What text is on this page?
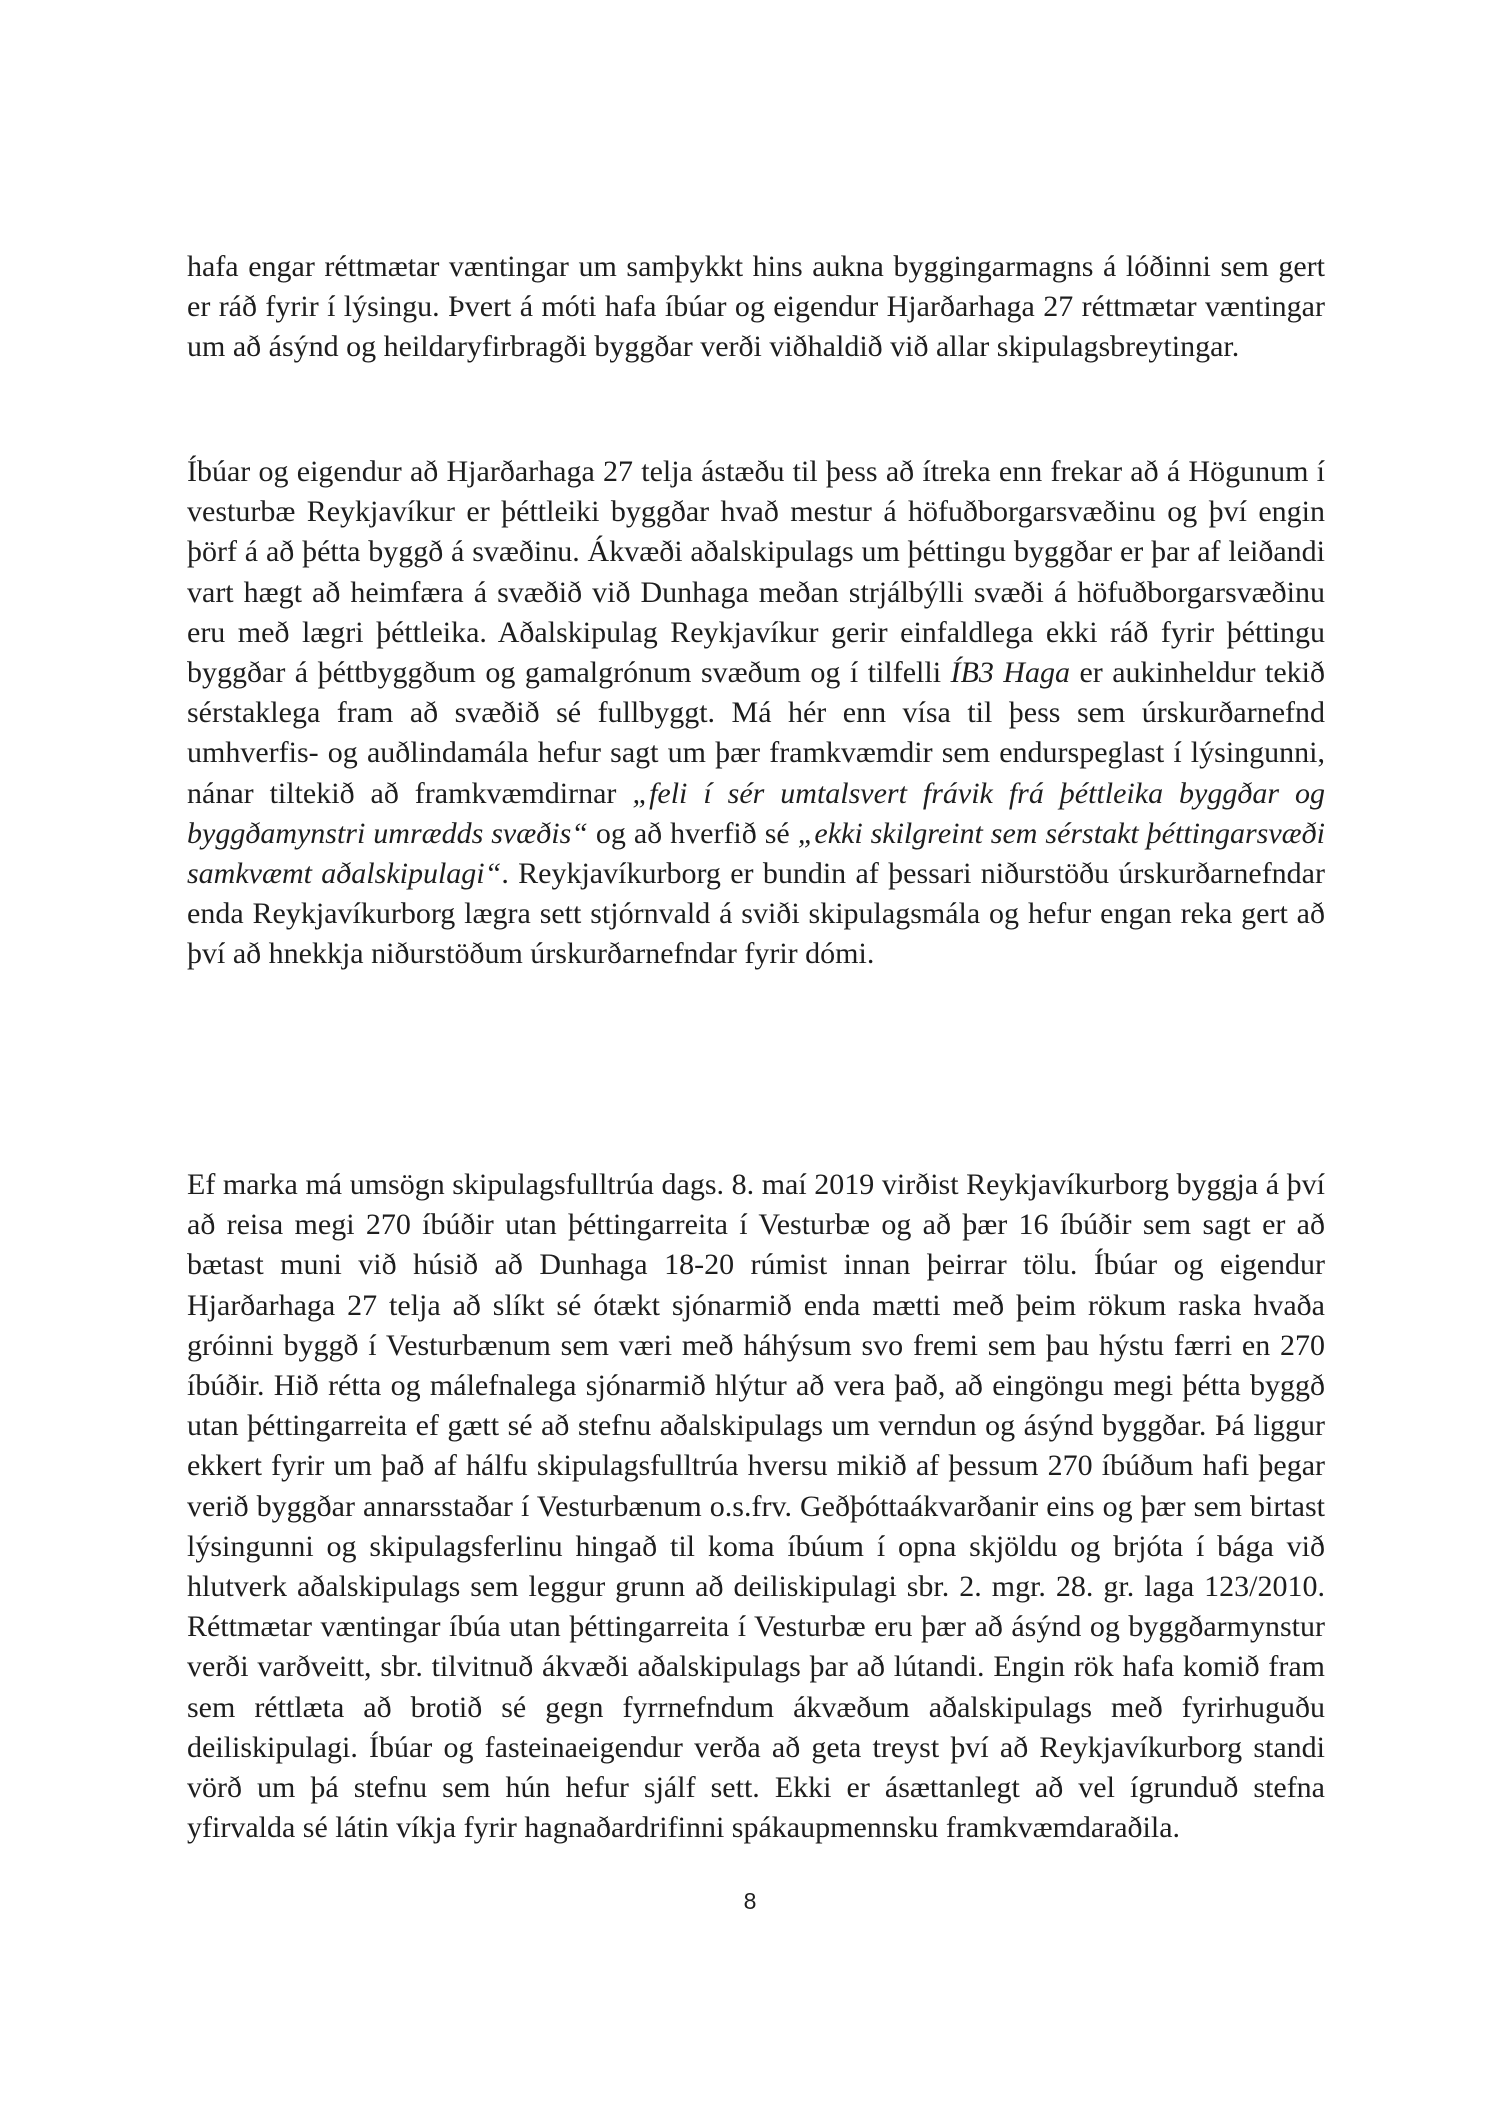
hafa engar réttmætar væntingar um samþykkt hins aukna byggingarmagns á lóðinni sem gert er ráð fyrir í lýsingu. Þvert á móti hafa íbúar og eigendur Hjarðarhaga 27 réttmætar væntingar um að ásýnd og heildaryfirbragði byggðar verði viðhaldið við allar skipulagsbreytingar.

Íbúar og eigendur að Hjarðarhaga 27 telja ástæðu til þess að ítreka enn frekar að á Högunum í vesturbæ Reykjavíkur er þéttleiki byggðar hvað mestur á höfuðborgarsvæðinu og því engin þörf á að þétta byggð á svæðinu. Ákvæði aðalskipulags um þéttingu byggðar er þar af leiðandi vart hægt að heimfæra á svæðið við Dunhaga meðan strjálbýlli svæði á höfuðborgarsvæðinu eru með lægri þéttleika. Aðalskipulag Reykjavíkur gerir einfaldlega ekki ráð fyrir þéttingu byggðar á þéttbyggðum og gamalgrónum svæðum og í tilfelli ÍB3 Haga er aukinheldur tekið sérstaklega fram að svæðið sé fullbyggt. Má hér enn vísa til þess sem úrskurðarnefnd umhverfis- og auðlindamála hefur sagt um þær framkvæmdir sem endurspeglast í lýsingunni, nánar tiltekið að framkvæmdirnar „feli í sér umtalsvert frávik frá þéttleika byggðar og byggðamynstri umrædds svæðis“ og að hverfið sé „ekki skilgreint sem sérstakt þéttingarsvæði samkvæmt aðalskipulagi“. Reykjavíkurborg er bundin af þessari niðurstöðu úrskurðarnefndar enda Reykjavíkurborg lægra sett stjórnvald á sviði skipulagsmála og hefur engan reka gert að því að hnekkja niðurstöðum úrskurðarnefndar fyrir dómi.

Ef marka má umsögn skipulagsfulltrúa dags. 8. maí 2019 virðist Reykjavíkurborg byggja á því að reisa megi 270 íbúðir utan þéttingarreita í Vesturbæ og að þær 16 íbúðir sem sagt er að bætast muni við húsið að Dunhaga 18-20 rúmist innan þeirrar tölu. Íbúar og eigendur Hjarðarhaga 27 telja að slíkt sé ótækt sjónarmið enda mætti með þeim rökum raska hvaða gróinni byggð í Vesturbænum sem væri með háhýsum svo fremi sem þau hýstu færri en 270 íbúðir. Hið rétta og málefnalega sjónarmið hlýtur að vera það, að eingöngu megi þétta byggð utan þéttingarreita ef gætt sé að stefnu aðalskipulags um verndun og ásýnd byggðar. Þá liggur ekkert fyrir um það af hálfu skipulagsfulltrúa hversu mikið af þessum 270 íbúðum hafi þegar verið byggðar annarsstaðar í Vesturbænum o.s.frv. Geðþóttaákvarðanir eins og þær sem birtast lýsingunni og skipulagsferlinu hingað til koma íbúum í opna skjöldu og brjóta í bága við hlutverk aðalskipulags sem leggur grunn að deiliskipulagi sbr. 2. mgr. 28. gr. laga 123/2010. Réttmætar væntingar íbúa utan þéttingarreita í Vesturbæ eru þær að ásýnd og byggðarmynstur verði varðveitt, sbr. tilvitnuð ákvæði aðalskipulags þar að lútandi. Engin rök hafa komið fram sem réttlæta að brotið sé gegn fyrrnefndum ákvæðum aðalskipulags með fyrirhuguðu deiliskipulagi. Íbúar og fasteinaeigendur verða að geta treyst því að Reykjavíkurborg standi vörð um þá stefnu sem hún hefur sjálf sett. Ekki er ásættanlegt að vel ígrunduð stefna yfirvalda sé látin víkja fyrir hagnaðardrifinni spákaupmennsku framkvæmdaraðila.

8
